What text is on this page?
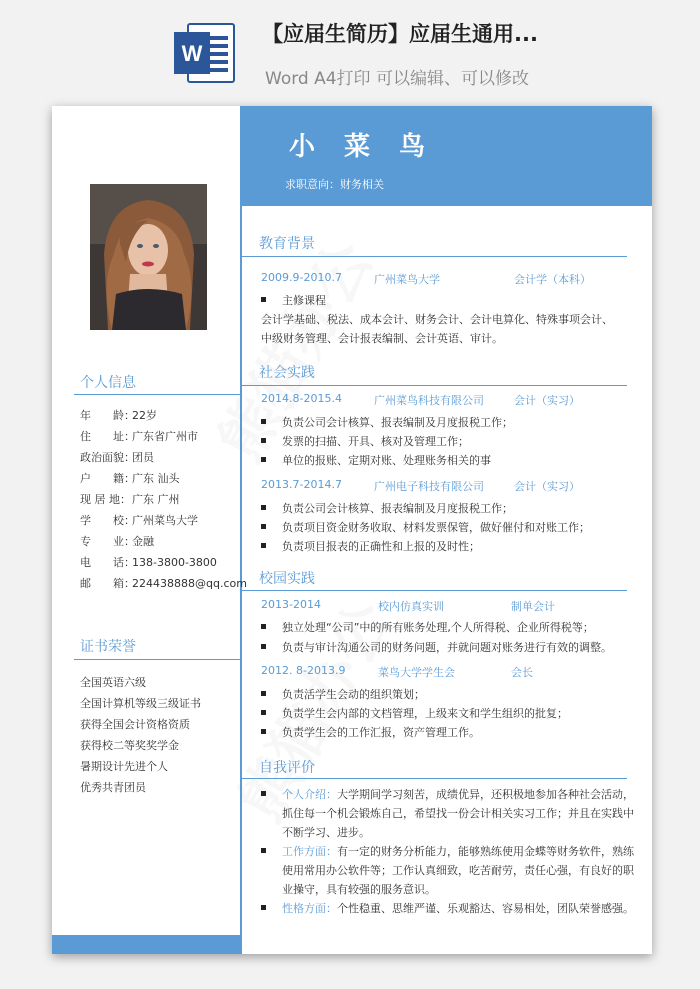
W
【应届生简历】应届生通用...
Word A4打印 可以编辑、可以修改
小 菜 鸟
求职意向：财务相关
个人信息
年　　龄：22岁
住　　址：广东省广州市
政治面貌：团员
户　　籍：广东 汕头
现 居 地：广东 广州
学　　校：广州菜鸟大学
专　　业：金融
电　　话：138-3800-3800
邮　　箱：224438888@qq.com
证书荣誉
全国英语六级
全国计算机等级三级证书
获得全国会计资格资质
获得校二等奖奖学金
暑期设计先进个人
优秀共青团员
教育背景
2009.9-2010.7	广州菜鸟大学	会计学（本科）
主修课程
会计学基础、税法、成本会计、财务会计、会计电算化、特殊事项会计、
中级财务管理、会计报表编制、会计英语、审计。
社会实践
2014.8-2015.4	广州菜鸟科技有限公司	会计（实习）
负责公司会计核算、报表编制及月度报税工作；
发票的扫描、开具、核对及管理工作；
单位的报账、定期对账、处理账务相关的事
2013.7-2014.7	广州电子科技有限公司	会计（实习）
负责公司会计核算、报表编制及月度报税工作；
负责项目资金财务收取、材料发票保管，做好催付和对账工作；
负责项目报表的正确性和上报的及时性；
校园实践
2013-2014	校内仿真实训	制单会计
独立处理“公司”中的所有账务处理,个人所得税、企业所得税等；
负责与审计沟通公司的财务问题，并就问题对账务进行有效的调整。
2012. 8-2013.9	菜鸟大学学生会	会长
负责活学生会动的组织策划；
负责学生会内部的文档管理，上级来文和学生组织的批复；
负责学生会的工作汇报，资产管理工作。
自我评价
个人介绍：大学期间学习刻苦，成绩优异，还积极地参加各种社会活动，
抓住每一个机会锻炼自己，希望找一份会计相关实习工作；并且在实践中
不断学习、进步。
工作方面：有一定的财务分析能力，能够熟练使用金蝶等财务软件，熟练
使用常用办公软件等；工作认真细致，吃苦耐劳，责任心强，有良好的职
业操守，具有较强的服务意识。
性格方面：个性稳重、思维严谨、乐观豁达、容易相处，团队荣誉感强。
